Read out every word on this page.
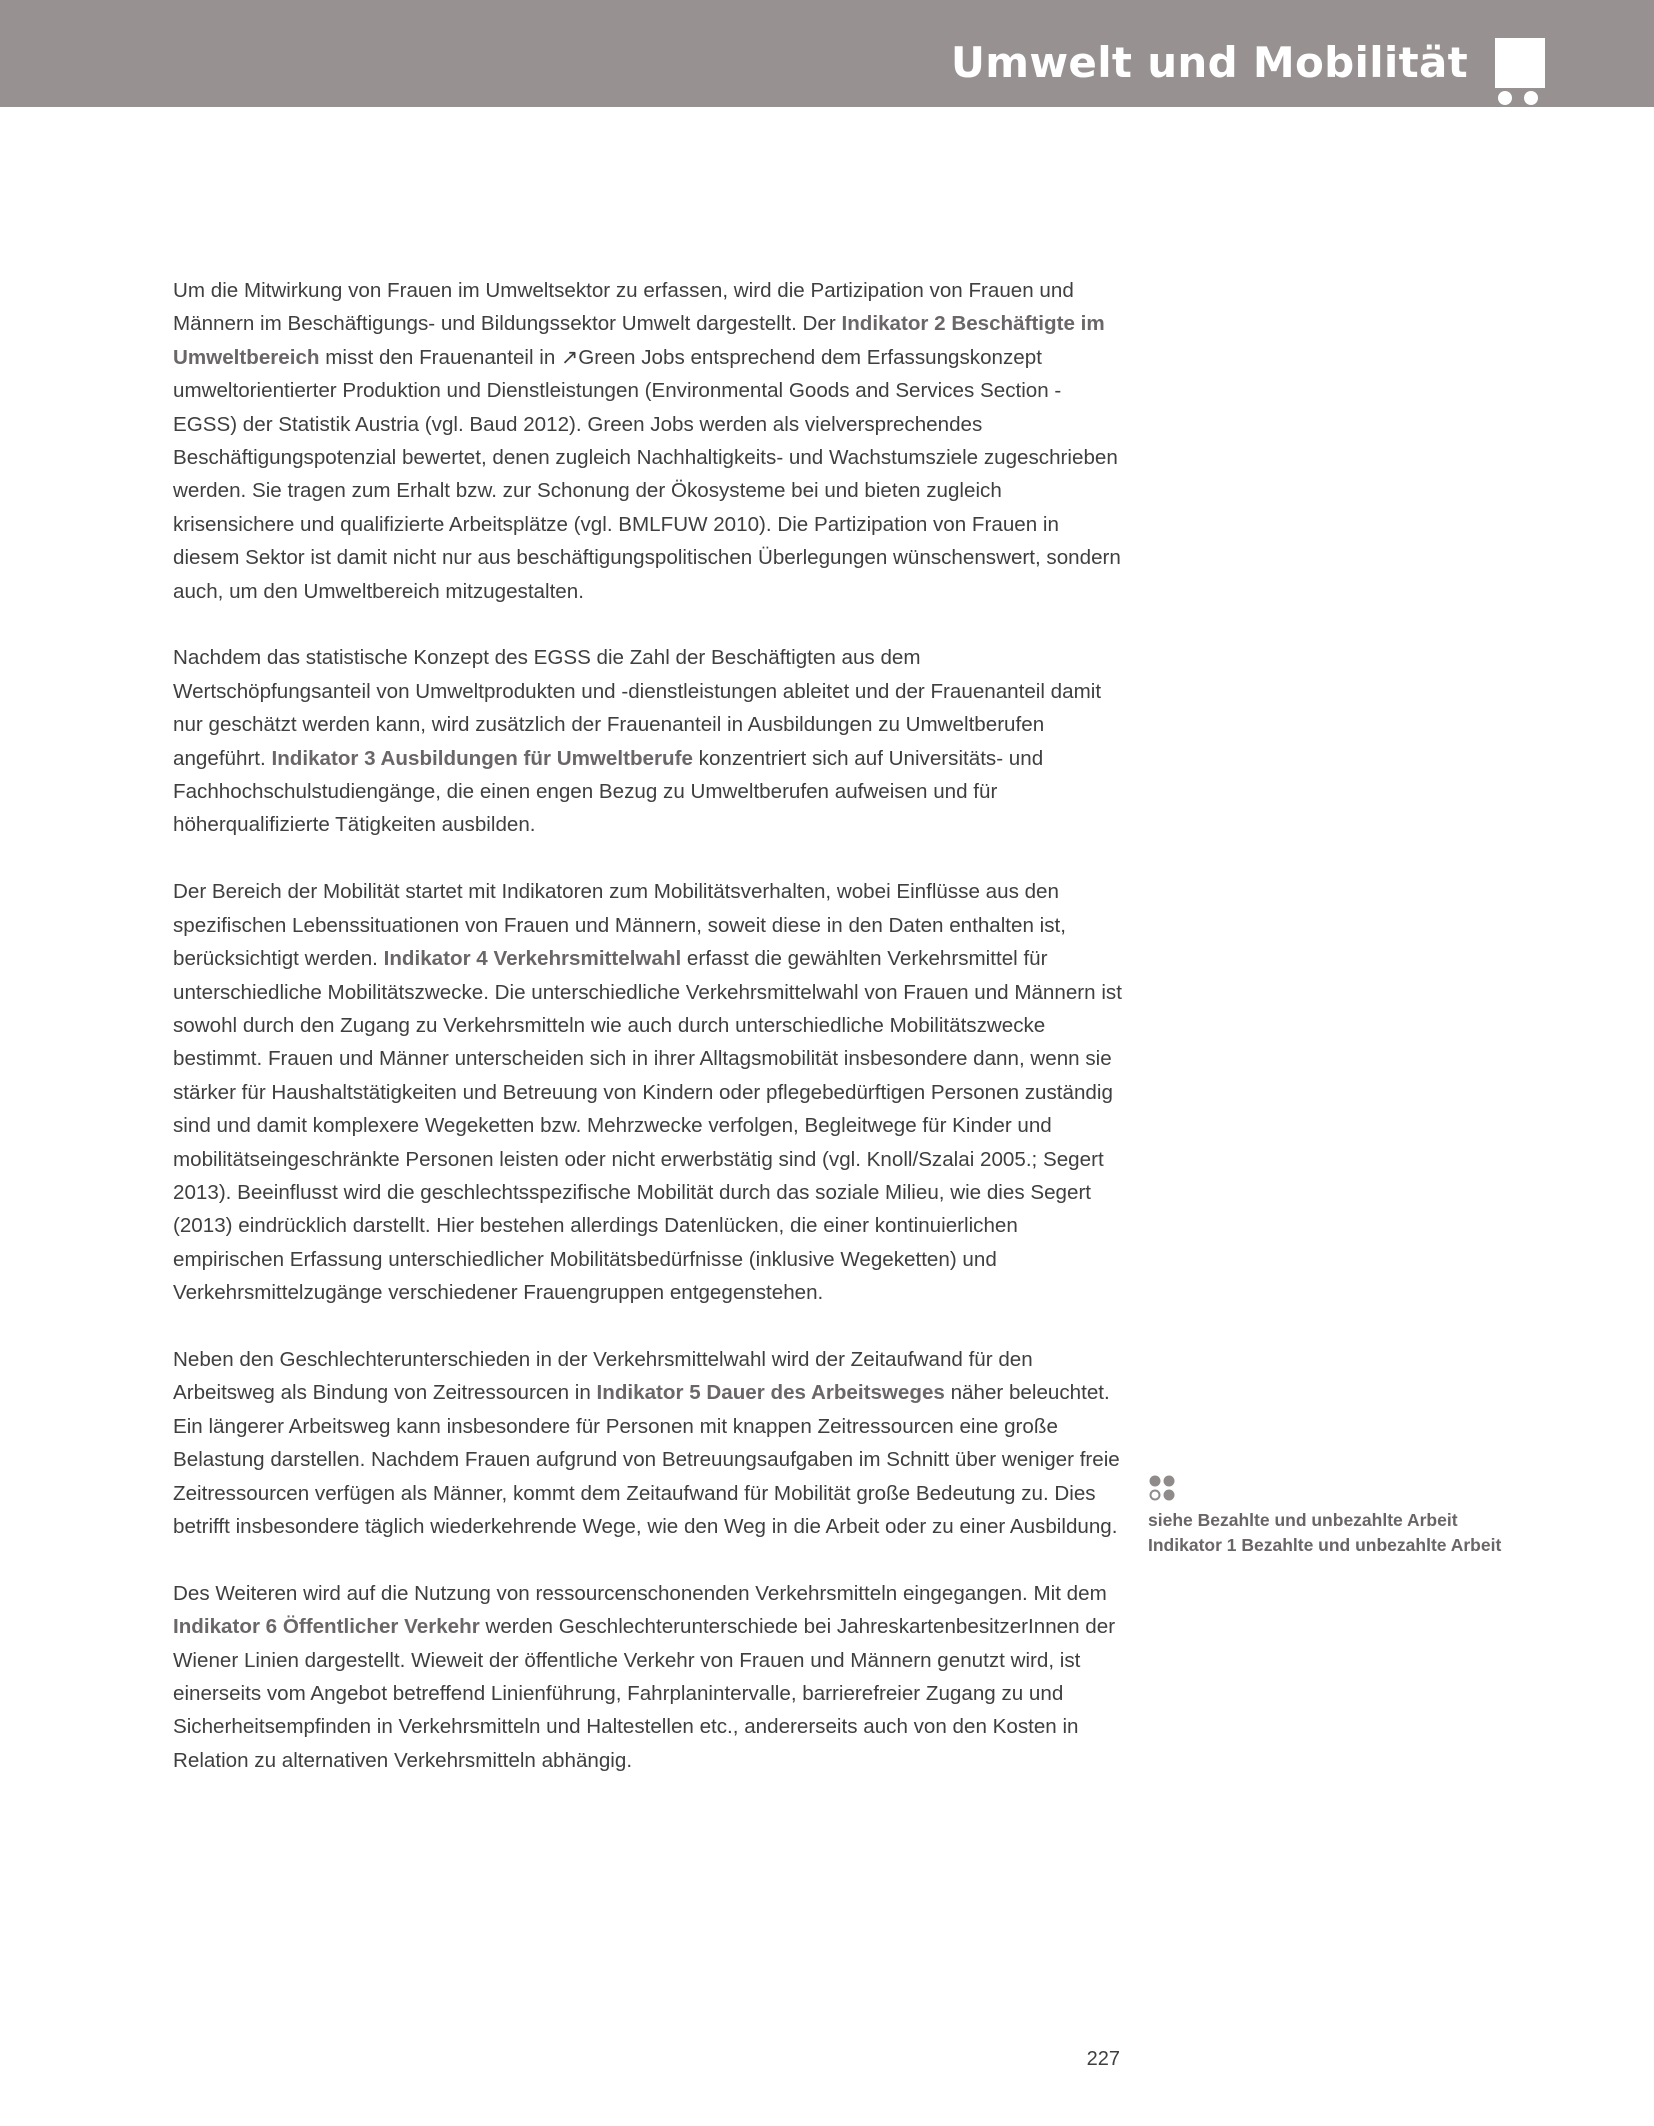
Umwelt und Mobilität

Um die Mitwirkung von Frauen im Umweltsektor zu erfassen, wird die Partizipation von Frauen und Männern im Beschäftigungs- und Bildungssektor Umwelt dargestellt. Der Indikator 2 Beschäftigte im Umweltbereich misst den Frauenanteil in ↗Green Jobs entsprechend dem Erfassungskonzept umweltorientierter Produktion und Dienstleistungen (Environmental Goods and Services Section - EGSS) der Statistik Austria (vgl. Baud 2012). Green Jobs werden als vielversprechendes Beschäftigungspotenzial bewertet, denen zugleich Nachhaltigkeits- und Wachstumsziele zugeschrieben werden. Sie tragen zum Erhalt bzw. zur Schonung der Ökosysteme bei und bieten zugleich krisensichere und qualifizierte Arbeitsplätze (vgl. BMLFUW 2010). Die Partizipation von Frauen in diesem Sektor ist damit nicht nur aus beschäftigungspolitischen Überlegungen wünschenswert, sondern auch, um den Umweltbereich mitzugestalten.

Nachdem das statistische Konzept des EGSS die Zahl der Beschäftigten aus dem Wertschöpfungsanteil von Umweltprodukten und -dienstleistungen ableitet und der Frauenanteil damit nur geschätzt werden kann, wird zusätzlich der Frauenanteil in Ausbildungen zu Umweltberufen angeführt. Indikator 3 Ausbildungen für Umweltberufe konzentriert sich auf Universitäts- und Fachhochschulstudiengänge, die einen engen Bezug zu Umweltberufen aufweisen und für höherqualifizierte Tätigkeiten ausbilden.

Der Bereich der Mobilität startet mit Indikatoren zum Mobilitätsverhalten, wobei Einflüsse aus den spezifischen Lebenssituationen von Frauen und Männern, soweit diese in den Daten enthalten ist, berücksichtigt werden. Indikator 4 Verkehrsmittelwahl erfasst die gewählten Verkehrsmittel für unterschiedliche Mobilitätszwecke. Die unterschiedliche Verkehrsmittelwahl von Frauen und Männern ist sowohl durch den Zugang zu Verkehrsmitteln wie auch durch unterschiedliche Mobilitätszwecke bestimmt. Frauen und Männer unterscheiden sich in ihrer Alltagsmobilität insbesondere dann, wenn sie stärker für Haushaltstätigkeiten und Betreuung von Kindern oder pflegebedürftigen Personen zuständig sind und damit komplexere Wegeketten bzw. Mehrzwecke verfolgen, Begleitwege für Kinder und mobilitätseingeschränkte Personen leisten oder nicht erwerbstätig sind (vgl. Knoll/Szalai 2005.; Segert 2013). Beeinflusst wird die geschlechtsspezifische Mobilität durch das soziale Milieu, wie dies Segert (2013) eindrücklich darstellt. Hier bestehen allerdings Datenlücken, die einer kontinuierlichen empirischen Erfassung unterschiedlicher Mobilitätsbedürfnisse (inklusive Wegeketten) und Verkehrsmittelzugänge verschiedener Frauengruppen entgegenstehen.

Neben den Geschlechterunterschieden in der Verkehrsmittelwahl wird der Zeitaufwand für den Arbeitsweg als Bindung von Zeitressourcen in Indikator 5 Dauer des Arbeitsweges näher beleuchtet. Ein längerer Arbeitsweg kann insbesondere für Personen mit knappen Zeitressourcen eine große Belastung darstellen. Nachdem Frauen aufgrund von Betreuungsaufgaben im Schnitt über weniger freie Zeitressourcen verfügen als Männer, kommt dem Zeitaufwand für Mobilität große Bedeutung zu. Dies betrifft insbesondere täglich wiederkehrende Wege, wie den Weg in die Arbeit oder zu einer Ausbildung.

Des Weiteren wird auf die Nutzung von ressourcenschonenden Verkehrsmitteln eingegangen. Mit dem Indikator 6 Öffentlicher Verkehr werden Geschlechterunterschiede bei JahreskartenbesitzerInnen der Wiener Linien dargestellt. Wieweit der öffentliche Verkehr von Frauen und Männern genutzt wird, ist einerseits vom Angebot betreffend Linienführung, Fahrplanintervalle, barrierefreier Zugang zu und Sicherheitsempfinden in Verkehrsmitteln und Haltestellen etc., andererseits auch von den Kosten in Relation zu alternativen Verkehrsmitteln abhängig.

siehe Bezahlte und unbezahlte Arbeit

Indikator 1 Bezahlte und unbezahlte Arbeit

227
